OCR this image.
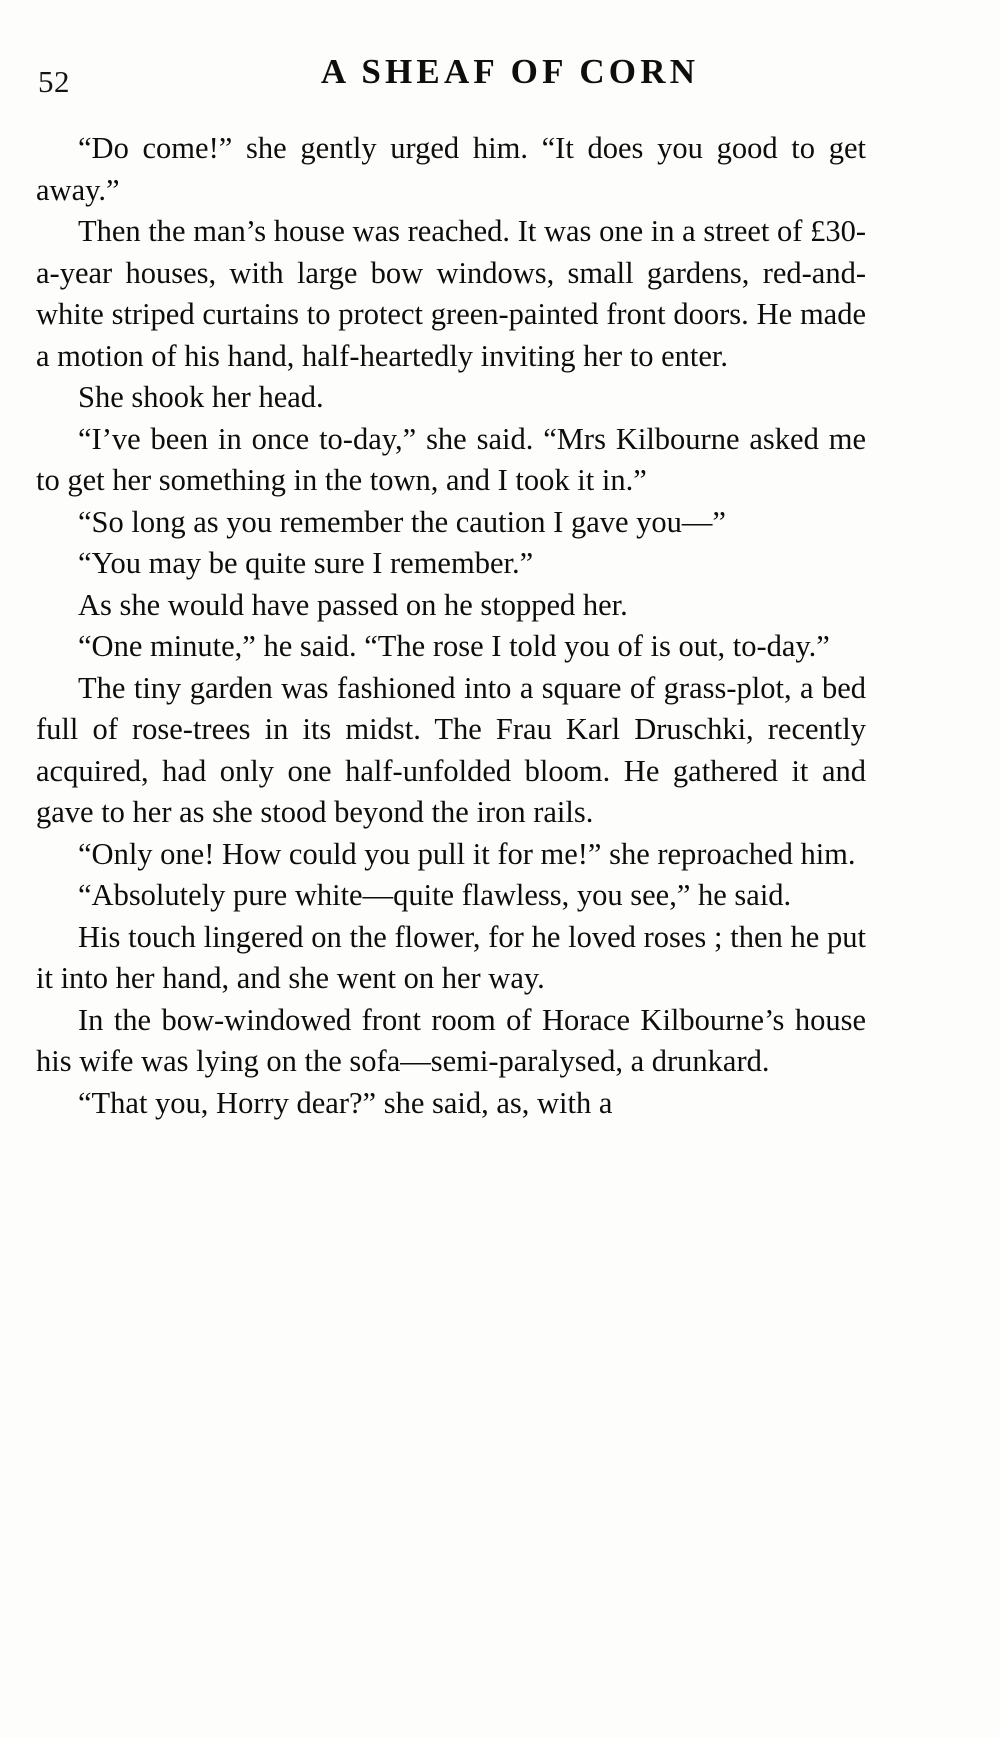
52	A SHEAF OF CORN

“Do come!” she gently urged him. “It does you good to get away.”

Then the man’s house was reached. It was one in a street of £30-a-year houses, with large bow windows, small gardens, red-and-white striped curtains to protect green-painted front doors. He made a motion of his hand, half-heartedly inviting her to enter.

She shook her head.

“I’ve been in once to-day,” she said. “Mrs Kilbourne asked me to get her something in the town, and I took it in.”

“So long as you remember the caution I gave you—”

“You may be quite sure I remember.”

As she would have passed on he stopped her.

“One minute,” he said. “The rose I told you of is out, to-day.”

The tiny garden was fashioned into a square of grass-plot, a bed full of rose-trees in its midst. The Frau Karl Druschki, recently acquired, had only one half-unfolded bloom. He gathered it and gave to her as she stood beyond the iron rails.

“Only one! How could you pull it for me!” she reproached him.

“Absolutely pure white—quite flawless, you see,” he said.

His touch lingered on the flower, for he loved roses ; then he put it into her hand, and she went on her way.

In the bow-windowed front room of Horace Kilbourne’s house his wife was lying on the sofa—semi-paralysed, a drunkard.

“That you, Horry dear?” she said, as, with a
